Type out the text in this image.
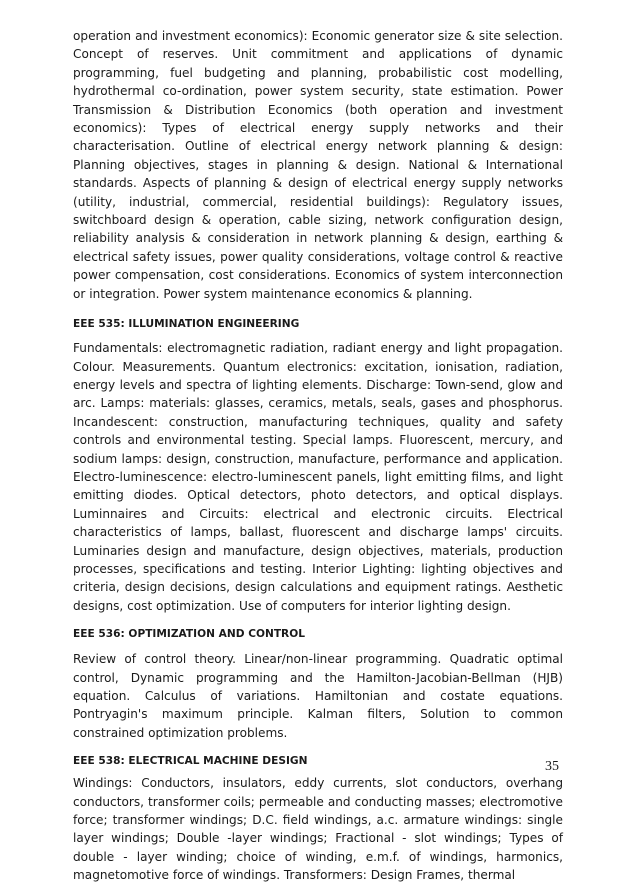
operation and investment economics): Economic generator size & site selection. Concept of reserves. Unit commitment and applications of dynamic programming, fuel budgeting and planning, probabilistic cost modelling, hydrothermal co-ordination, power system security, state estimation. Power Transmission & Distribution Economics (both operation and investment economics): Types of electrical energy supply networks and their characterisation. Outline of electrical energy network planning & design: Planning objectives, stages in planning & design. National & International standards. Aspects of planning & design of electrical energy supply networks (utility, industrial, commercial, residential buildings): Regulatory issues, switchboard design & operation, cable sizing, network configuration design, reliability analysis & consideration in network planning & design, earthing & electrical safety issues, power quality considerations, voltage control & reactive power compensation, cost considerations. Economics of system interconnection or integration. Power system maintenance economics & planning.

EEE 535: ILLUMINATION ENGINEERING

Fundamentals: electromagnetic radiation, radiant energy and light propagation. Colour. Measurements. Quantum electronics: excitation, ionisation, radiation, energy levels and spectra of lighting elements. Discharge: Town-send, glow and arc. Lamps: materials: glasses, ceramics, metals, seals, gases and phosphorus. Incandescent: construction, manufacturing techniques, quality and safety controls and environmental testing. Special lamps. Fluorescent, mercury, and sodium lamps: design, construction, manufacture, performance and application. Electro-luminescence: electro-luminescent panels, light emitting films, and light emitting diodes. Optical detectors, photo detectors, and optical displays. Luminnaires and Circuits: electrical and electronic circuits. Electrical characteristics of lamps, ballast, fluorescent and discharge lamps' circuits. Luminaries design and manufacture, design objectives, materials, production processes, specifications and testing. Interior Lighting: lighting objectives and criteria, design decisions, design calculations and equipment ratings. Aesthetic designs, cost optimization. Use of computers for interior lighting design.

EEE 536: OPTIMIZATION AND CONTROL

Review of control theory. Linear/non-linear programming. Quadratic optimal control, Dynamic programming and the Hamilton-Jacobian-Bellman (HJB) equation. Calculus of variations. Hamiltonian and costate equations. Pontryagin's maximum principle. Kalman filters, Solution to common constrained optimization problems.

EEE 538: ELECTRICAL MACHINE DESIGN

Windings: Conductors, insulators, eddy currents, slot conductors, overhang conductors, transformer coils; permeable and conducting masses; electromotive force; transformer windings; D.C. field windings, a.c. armature windings: single layer windings; Double -layer windings; Fractional - slot windings; Types of double - layer winding; choice of winding, e.m.f. of windings, harmonics, magnetomotive force of windings. Transformers: Design Frames, thermal

35
